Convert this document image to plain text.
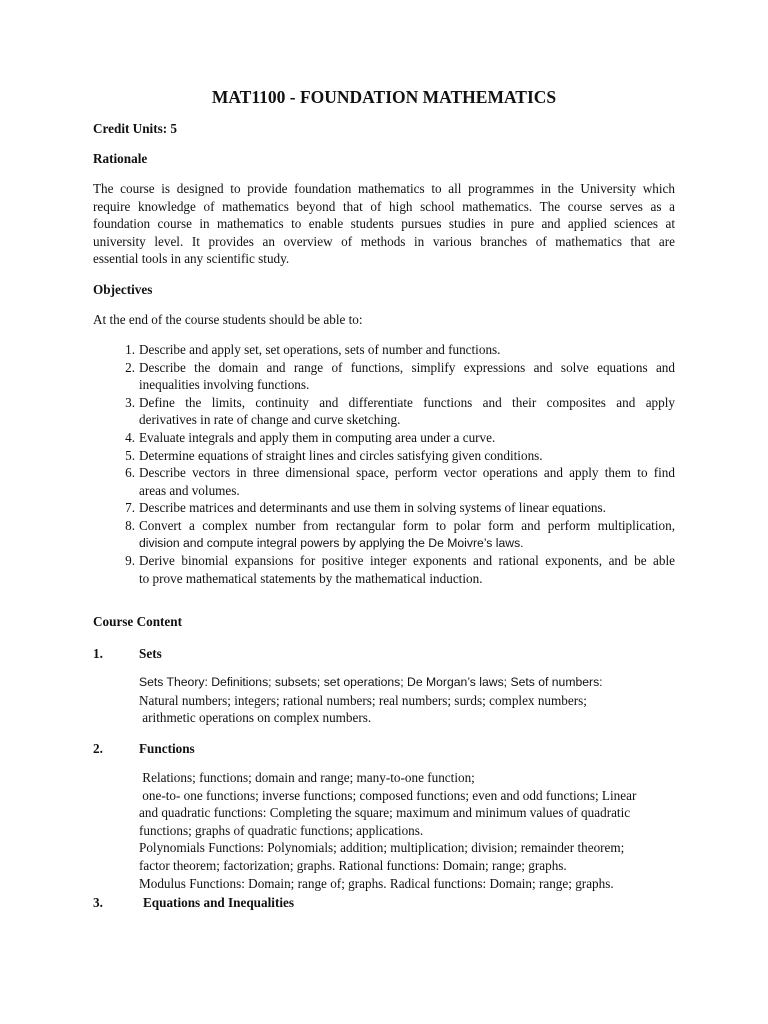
MAT1100 - FOUNDATION MATHEMATICS
Credit Units: 5
Rationale
The course is designed to provide foundation mathematics to all programmes in the University which
require knowledge of mathematics beyond that of high school mathematics. The course serves as a
foundation course in mathematics to enable students pursues studies in pure and applied sciences at
university level. It provides an overview of methods in various branches of mathematics that are
essential tools in any scientific study.
Objectives
At the end of the course students should be able to:
1. Describe and apply set, set operations, sets of number and functions.
2. Describe the domain and range of functions, simplify expressions and solve equations and
inequalities involving functions.
3. Define the limits, continuity and differentiate functions and their composites and apply
derivatives in rate of change and curve sketching.
4. Evaluate integrals and apply them in computing area under a curve.
5. Determine equations of straight lines and circles satisfying given conditions.
6. Describe vectors in three dimensional space, perform vector operations and apply them to find
areas and volumes.
7. Describe matrices and determinants and use them in solving systems of linear equations.
8. Convert a complex number from rectangular form to polar form and perform multiplication,
division and compute integral powers by applying the De Moivre’s laws.
9. Derive binomial expansions for positive integer exponents and rational exponents, and be able
to prove mathematical statements by the mathematical induction.
Course Content
1.	Sets
Sets Theory: Definitions; subsets; set operations; De Morgan’s laws; Sets of numbers:
Natural numbers; integers; rational numbers; real numbers; surds; complex numbers;
arithmetic operations on complex numbers.
2.	Functions
Relations; functions; domain and range; many-to-one function;
one-to- one functions; inverse functions; composed functions; even and odd functions; Linear
and quadratic functions: Completing the square; maximum and minimum values of quadratic
functions; graphs of quadratic functions; applications.
Polynomials Functions: Polynomials; addition; multiplication; division; remainder theorem;
factor theorem; factorization; graphs. Rational functions: Domain; range; graphs.
Modulus Functions: Domain; range of; graphs. Radical functions: Domain; range; graphs.
3.	Equations and Inequalities
